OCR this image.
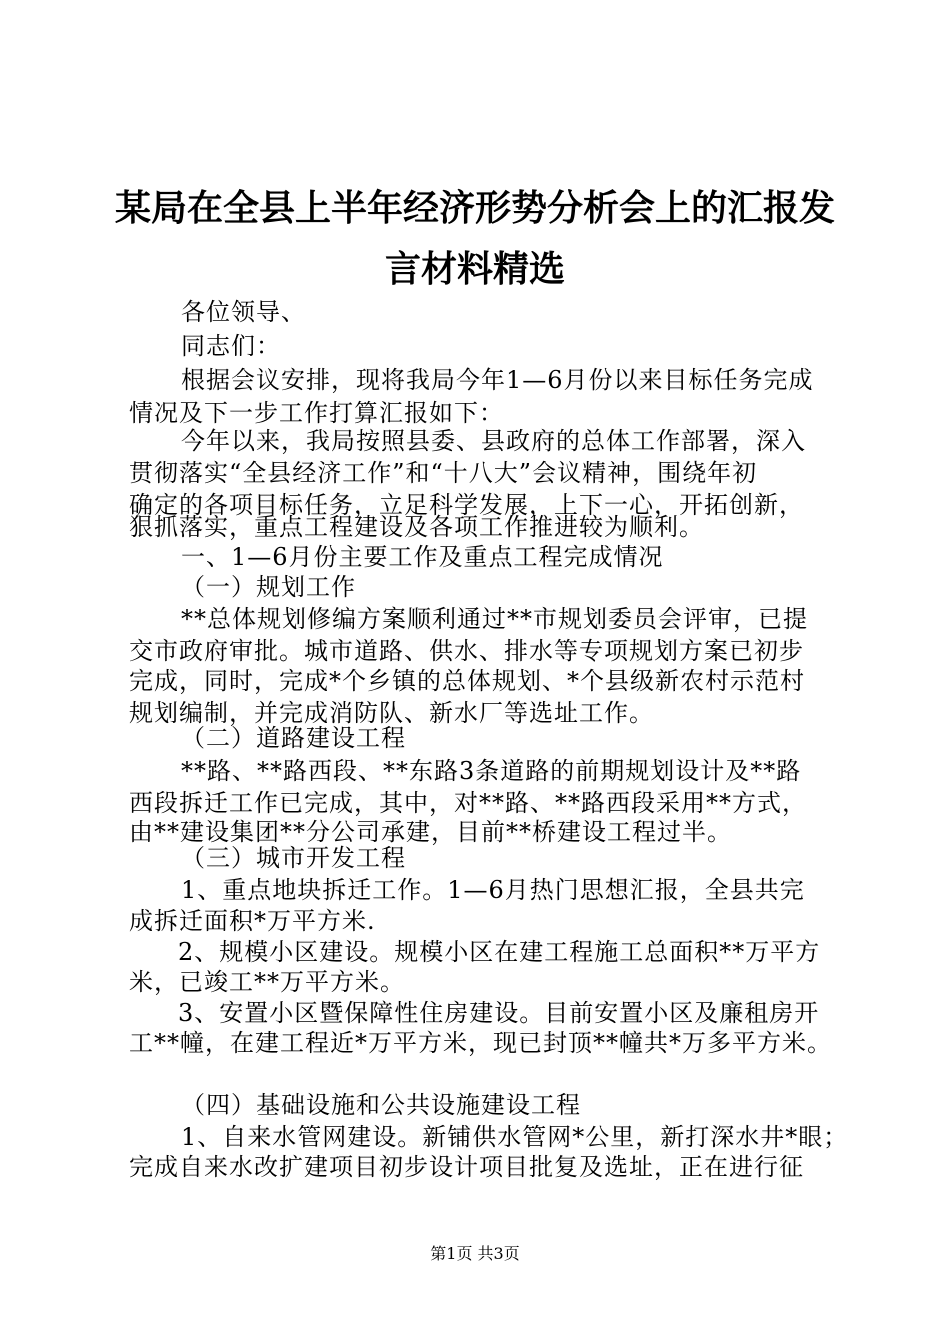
某局在全县上半年经济形势分析会上的汇报发
言材料精选

各位领导、

同志们：

根据会议安排，现将我局今年1—6月份以来目标任务完成

情况及下一步工作打算汇报如下：

今年以来，我局按照县委、县政府的总体工作部署，深入

贯彻落实“全县经济工作”和“十八大”会议精神，围绕年初

确定的各项目标任务，立足科学发展，上下一心，开拓创新，

狠抓落实，重点工程建设及各项工作推进较为顺利。

一、1—6月份主要工作及重点工程完成情况

（一）规划工作

**总体规划修编方案顺利通过**市规划委员会评审，已提

交市政府审批。城市道路、供水、排水等专项规划方案已初步

完成，同时，完成*个乡镇的总体规划、*个县级新农村示范村

规划编制，并完成消防队、新水厂等选址工作。

（二）道路建设工程

**路、**路西段、**东路3条道路的前期规划设计及**路

西段拆迁工作已完成，其中，对**路、**路西段采用**方式，

由**建设集团**分公司承建，目前**桥建设工程过半。

（三）城市开发工程

1、重点地块拆迁工作。1—6月热门思想汇报，全县共完

成拆迁面积*万平方米.

2、规模小区建设。规模小区在建工程施工总面积**万平方

米，已竣工**万平方米。

3、安置小区暨保障性住房建设。目前安置小区及廉租房开

工**幢，在建工程近*万平方米，现已封顶**幢共*万多平方米。

（四）基础设施和公共设施建设工程

1、自来水管网建设。新铺供水管网*公里，新打深水井*眼；

完成自来水改扩建项目初步设计项目批复及选址，正在进行征

第1页 共3页
